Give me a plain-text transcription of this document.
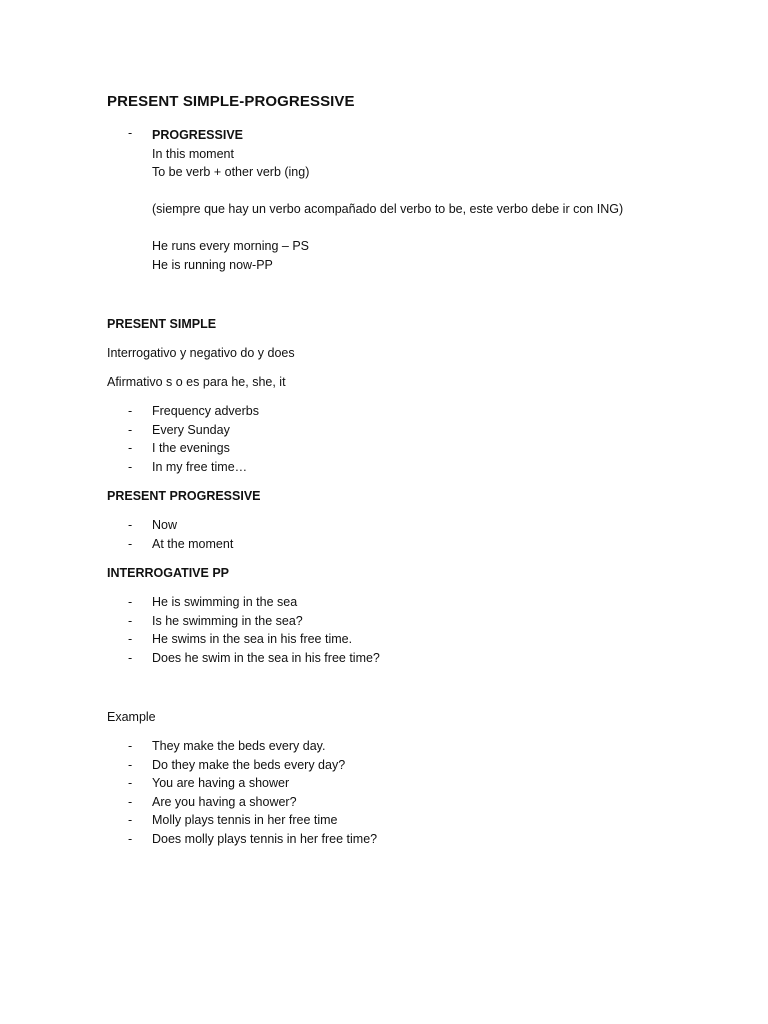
PRESENT SIMPLE-PROGRESSIVE
- PROGRESSIVE
In this moment
To be verb + other verb (ing)
(siempre que hay un verbo acompañado del verbo to be, este verbo debe ir con ING)
He runs every morning – PS
He is running now-PP

PRESENT SIMPLE

Interrogativo y negativo do y does

Afirmativo s o es para he, she, it

- Frequency adverbs
- Every Sunday
- I the evenings
- In my free time…

PRESENT PROGRESSIVE

- Now
- At the moment

INTERROGATIVE PP

- He is swimming in the sea
- Is he swimming in the sea?
- He swims in the sea in his free time.
- Does he swim in the sea in his free time?

Example

- They make the beds every day.
- Do they make the beds every day?
- You are having a shower
- Are you having a shower?
- Molly plays tennis in her free time
- Does molly plays tennis in her free time?
